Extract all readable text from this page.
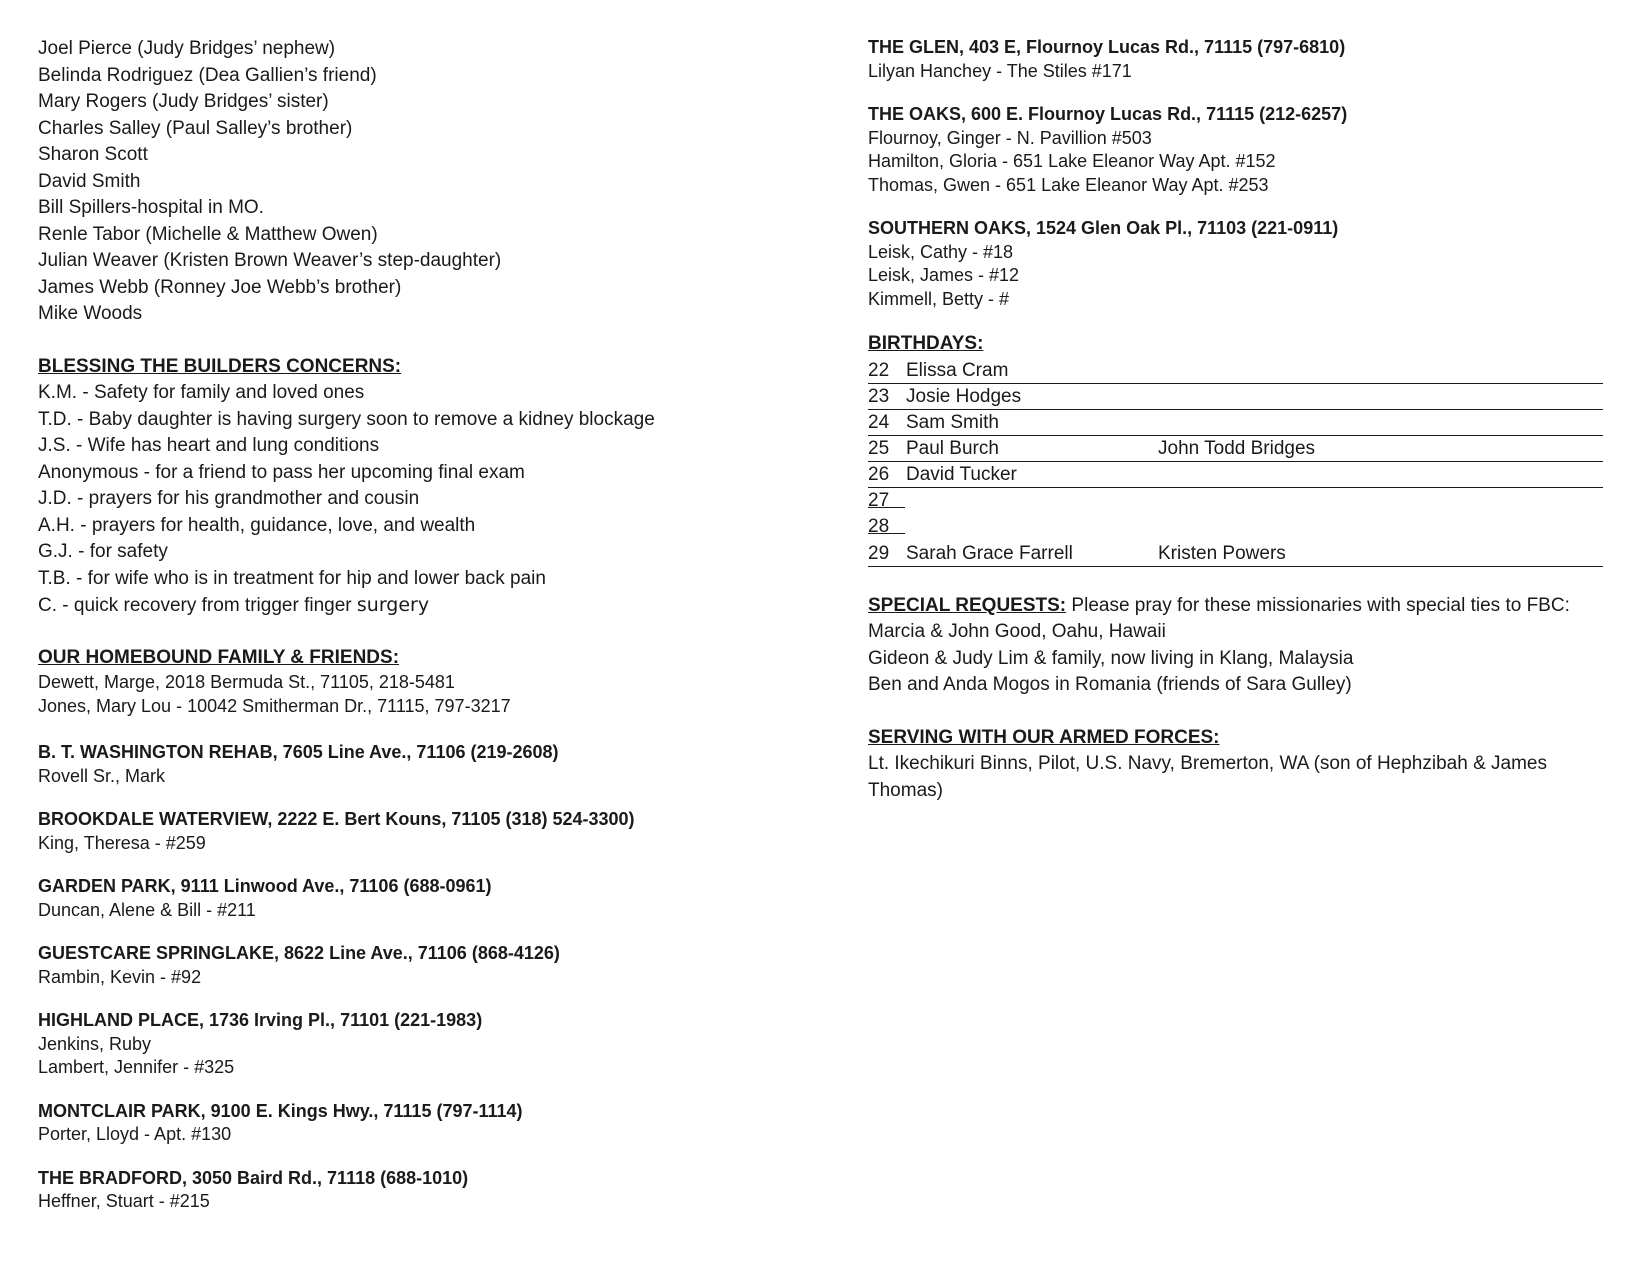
Joel Pierce (Judy Bridges’ nephew)
Belinda Rodriguez (Dea Gallien’s friend)
Mary Rogers (Judy Bridges’ sister)
Charles Salley (Paul Salley’s brother)
Sharon Scott
David Smith
Bill Spillers-hospital in MO.
Renle Tabor (Michelle & Matthew Owen)
Julian Weaver (Kristen Brown Weaver’s step-daughter)
James Webb (Ronney Joe Webb’s brother)
Mike Woods
BLESSING THE BUILDERS CONCERNS:
K.M. - Safety for family and loved ones
T.D. - Baby daughter is having surgery soon to remove a kidney blockage
J.S. - Wife has heart and lung conditions
Anonymous - for a friend to pass her upcoming final exam
J.D. - prayers for his grandmother and cousin
A.H. - prayers for health, guidance, love, and wealth
G.J. - for safety
T.B. - for wife who is in treatment for hip and lower back pain
C. - quick recovery from trigger finger surgery
OUR HOMEBOUND FAMILY & FRIENDS:
Dewett, Marge, 2018 Bermuda St., 71105, 218-5481
Jones, Mary Lou - 10042 Smitherman Dr., 71115, 797-3217
B. T. WASHINGTON REHAB, 7605 Line Ave., 71106 (219-2608)
Rovell Sr., Mark
BROOKDALE WATERVIEW, 2222 E. Bert Kouns, 71105 (318) 524-3300)
King, Theresa - #259
GARDEN PARK, 9111 Linwood Ave., 71106 (688-0961)
Duncan, Alene & Bill - #211
GUESTCARE SPRINGLAKE, 8622 Line Ave., 71106 (868-4126)
Rambin, Kevin - #92
HIGHLAND PLACE, 1736 Irving Pl., 71101 (221-1983)
Jenkins, Ruby
Lambert, Jennifer - #325
MONTCLAIR PARK, 9100 E. Kings Hwy., 71115 (797-1114)
Porter, Lloyd - Apt. #130
THE BRADFORD, 3050 Baird Rd., 71118 (688-1010)
Heffner, Stuart - #215
THE GLEN, 403 E, Flournoy Lucas Rd., 71115 (797-6810)
Lilyan Hanchey - The Stiles #171
THE OAKS, 600 E. Flournoy Lucas Rd., 71115 (212-6257)
Flournoy, Ginger - N. Pavillion #503
Hamilton, Gloria - 651 Lake Eleanor Way Apt. #152
Thomas, Gwen - 651 Lake Eleanor Way Apt. #253
SOUTHERN OAKS, 1524 Glen Oak Pl., 71103 (221-0911)
Leisk, Cathy - #18
Leisk, James - #12
Kimmell, Betty - #
BIRTHDAYS:
22 Elissa Cram
23 Josie Hodges
24 Sam Smith
25 Paul Burch	John Todd Bridges
26 David Tucker
27
28
29 Sarah Grace Farrell	Kristen Powers
SPECIAL REQUESTS: Please pray for these missionaries with special ties to FBC:
Marcia & John Good, Oahu, Hawaii
Gideon & Judy Lim & family, now living in Klang, Malaysia
Ben and Anda Mogos in Romania (friends of Sara Gulley)
SERVING WITH OUR ARMED FORCES:
Lt. Ikechikuri Binns, Pilot, U.S. Navy, Bremerton, WA (son of Hephzibah & James Thomas)
